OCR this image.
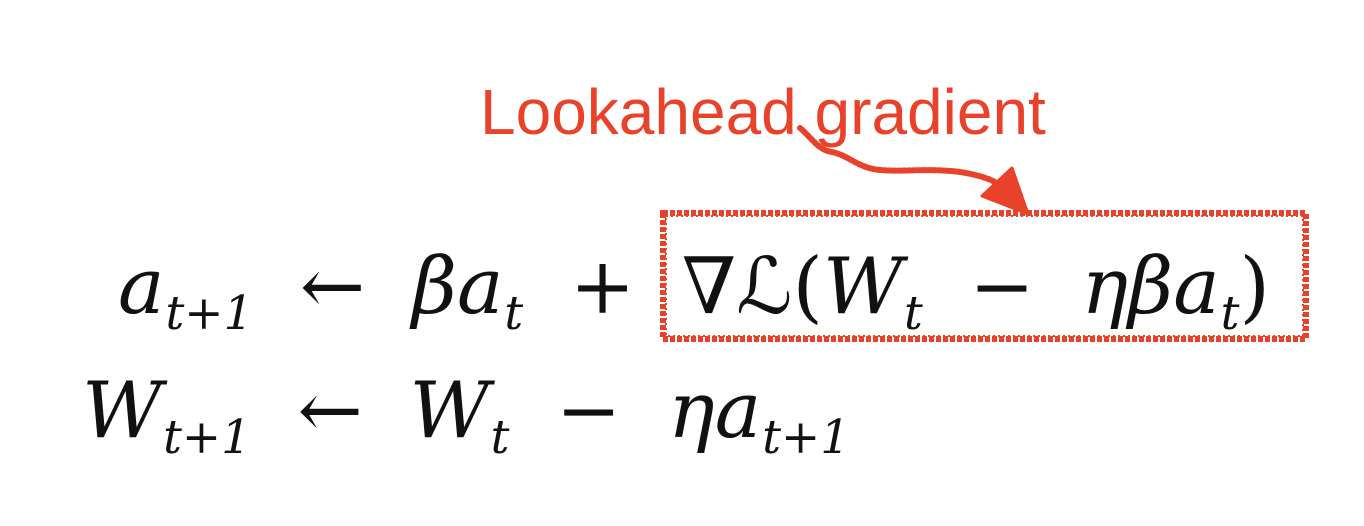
Lookahead gradient
$a_{t+1}$ ← $\beta a_t$ + $\nabla ℒ(W_t - \eta\beta a_t)$
$W_{t+1}$ ← $W_t - \eta a_{t+1}$
